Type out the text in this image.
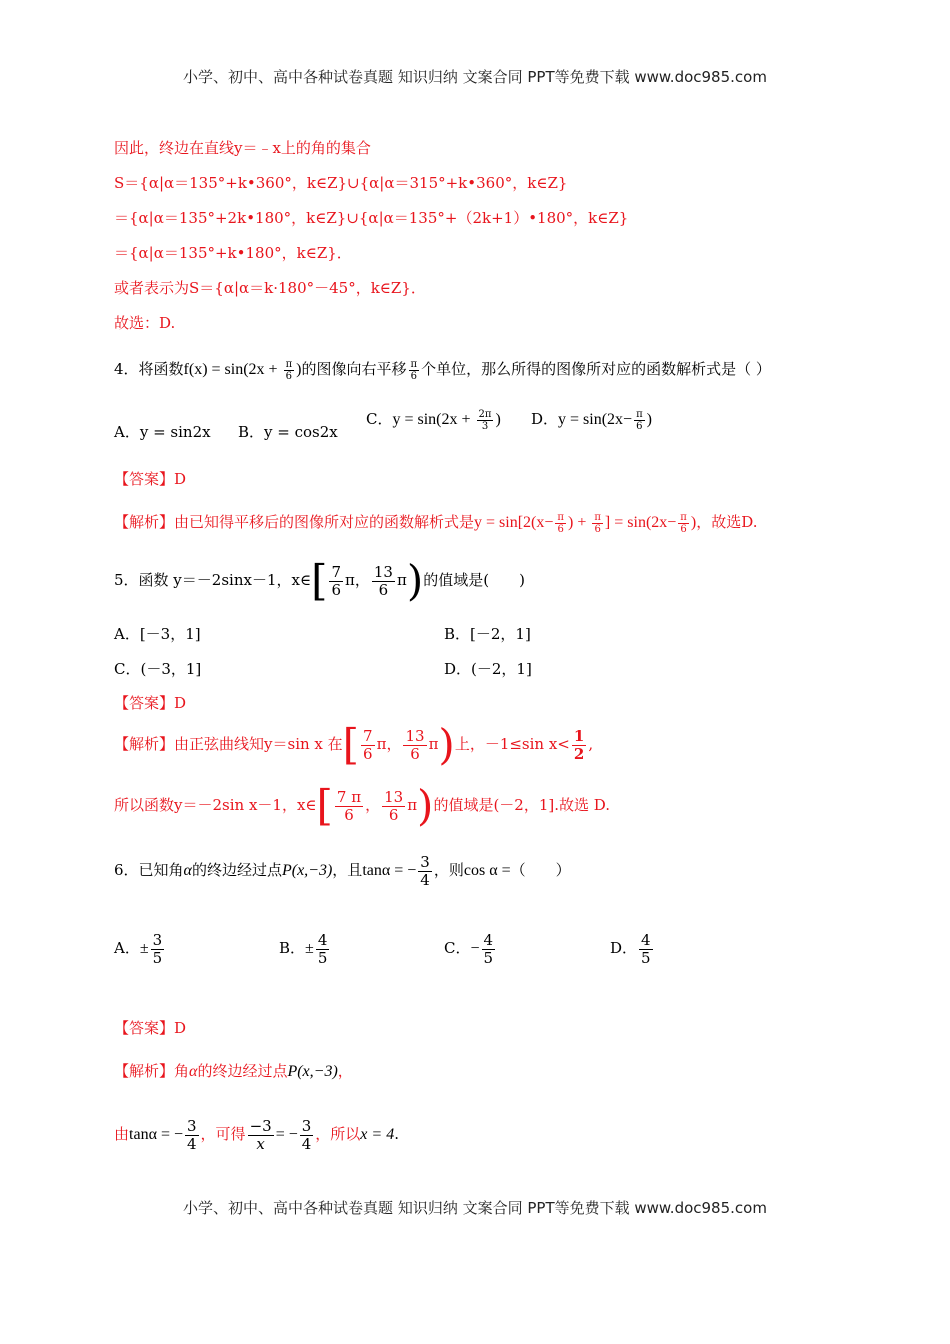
小学、初中、高中各种试卷真题 知识归纳 文案合同 PPT等免费下载 www.doc985.com
因此，终边在直线y＝﹣x上的角的集合
S＝{α|α＝135°+k•360°，k∈Z}∪{α|α＝315°+k•360°，k∈Z}
＝{α|α＝135°+2k•180°，k∈Z}∪{α|α＝135°+（2k+1）•180°，k∈Z}
＝{α|α＝135°+k•180°，k∈Z}．
或者表示为S＝{α|α＝k·180°－45°，k∈Z}．
故选：D.
4．将函数$f(x) = \sin(2x + \frac{\pi}{6}$ )的图像向右平移 $\frac{\pi}{6}$ 个单位，那么所得的图像所对应的函数解析式是（ ）
A．y = sin2x B．y = cos2x
C．$y = \sin(2x + \frac{2\pi}{3}$ ) D．$y = \sin(2x- \frac{\pi}{6}$ )
【答案】D
【解析】由已知得平移后的图像所对应的函数解析式是$y = \sin[2(x- \frac{\pi}{6}$ ) + $\frac{\pi}{6}$ ] = $\sin(2x- \frac{\pi}{6}$ )，故选D.
5．函数 y＝－2sinx－1，x∈[ $\frac{7}{6}$ π， $\frac{13}{6} \pi$)的值域是(　　)
A．[－3，1]	B．[－2，1]
C．(－3，1]	D．(－2，1]
【答案】D
【解析】由正弦曲线知y＝sin x 在[ $\frac{7}{6}$ π， $\frac{13}{6} \pi$)上，－1≤sin $x< \frac{1}{2}$ ,
所以函数y＝－2sin x－1，x∈[ $\frac{7 \pi}{6}$ ， $\frac{13}{6} \pi$)的值域是(－2，1].故选 D.
6．已知角α的终边经过点P(x,−3)，且tanα = − $\frac{3}{4}$ ，则cos α =（　　）
A．± $\frac{3}{5}$	B．± $\frac{4}{5}$	C．− $\frac{4}{5}$	D． $\frac{4}{5}$
【答案】D
【解析】角α的终边经过点P(x,−3)，
由tanα = − $\frac{3}{4}$ ，可得 $\frac{-3}{x}$ = − $\frac{3}{4}$ ，所以x = 4.
小学、初中、高中各种试卷真题 知识归纳 文案合同 PPT等免费下载 www.doc985.com
